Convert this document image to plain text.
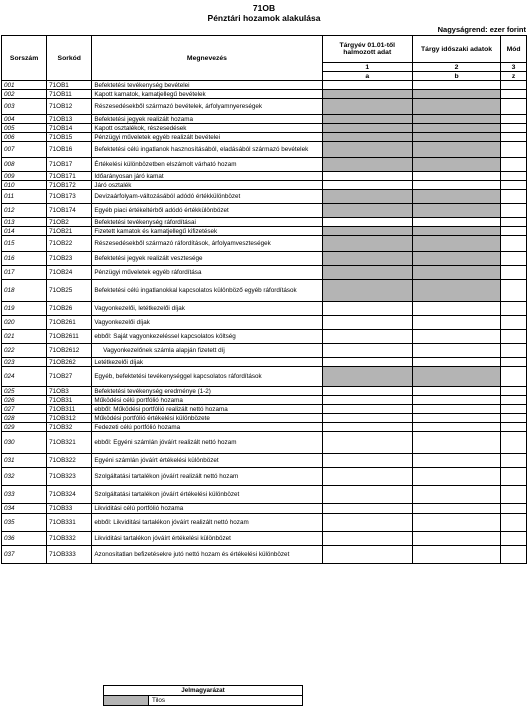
71OB
Pénztári hozamok alakulása
Nagyságrend: ezer forint
Sorszám	Sorkód	Megnevezés	Tárgyév 01.01-től halmozott adat	Tárgy időszaki adatok	Mód
			1	2	3
			a	b	z
001	71OB1	Befektetési tevékenység bevételei			
002	71OB11	Kapott kamatok, kamatjellegű bevételek			
003	71OB12	Részesedésekből származó bevételek, árfolyamnyereségek			
004	71OB13	Befektetési jegyek realizált hozama			
005	71OB14	Kapott osztalékok, részesedések			
006	71OB15	Pénzügyi műveletek egyéb realizált bevételei			
007	71OB16	Befektetési célú ingatlanok hasznosításából, eladásából származó bevételek			
008	71OB17	Értékelési különbözetben elszámolt várható hozam			
009	71OB171	Időarányosan járó kamat			
010	71OB172	Járó osztalék			
011	71OB173	Devizaárfolyam-változásából adódó értékkülönbözet			
012	71OB174	Egyéb piaci értékeltérből adódó értékkülönbözet			
013	71OB2	Befektetési tevékenység ráfordításai			
014	71OB21	Fizetett kamatok és kamatjellegű kifizetések			
015	71OB22	Részesedésekből származó ráfordítások, árfolyamveszteségek			
016	71OB23	Befektetési jegyek realizált vesztesége			
017	71OB24	Pénzügyi műveletek egyéb ráfordítása			
018	71OB25	Befektetési célú ingatlanokkal kapcsolatos különböző egyéb ráfordítások			
019	71OB26	Vagyonkezelői, letétkezelői díjak			
020	71OB261	Vagyonkezelői díjak			
021	71OB2611	ebből: Saját vagyonkezeléssel kapcsolatos költség			
022	71OB2612	Vagyonkezelőnek számla alapján fizetett díj			
023	71OB262	Letétkezelői díjak			
024	71OB27	Egyéb, befektetési tevékenységgel kapcsolatos ráfordítások			
025	71OB3	Befektetési tevékenység eredménye (1-2)			
026	71OB31	Működési célú portfólió hozama			
027	71OB311	ebből: Működési portfólió realizált nettó hozama			
028	71OB312	Működési portfólió értékelési különbözete			
029	71OB32	Fedezeti célú portfólió hozama			
030	71OB321	ebből: Egyéni számlán jóváírt realizált nettó hozam			
031	71OB322	Egyéni számlán jóváírt értékelési különbözet			
032	71OB323	Szolgáltatási tartalékon jóváírt realizált nettó hozam			
033	71OB324	Szolgáltatási tartalékon jóváírt értékelési különbözet			
034	71OB33	Likviditási célú portfólió hozama			
035	71OB331	ebből: Likviditási tartalékon jóváírt realizált nettó hozam			
036	71OB332	Likviditási tartalékon jóváírt értékelési különbözet			
037	71OB333	Azonosítatlan befizetésekre jutó nettó hozam és értékelési különbözet			
Jelmagyarázat
	Tilos
